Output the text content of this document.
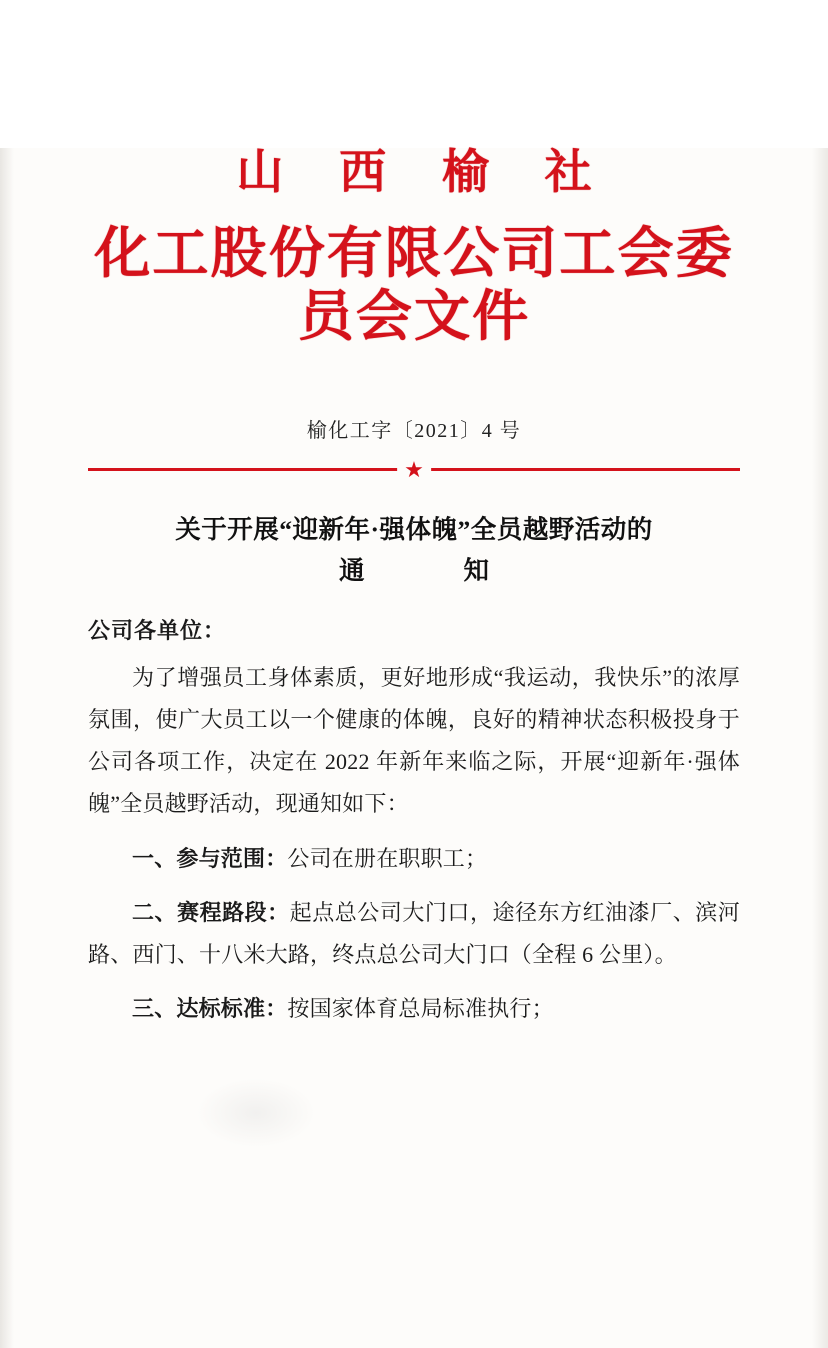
山 西 榆 社
化工股份有限公司工会委员会文件
榆化工字〔2021〕4 号
★
关于开展“迎新年·强体魄”全员越野活动的
通　　知
公司各单位：
为了增强员工身体素质，更好地形成“我运动，我快乐”的浓厚氛围，使广大员工以一个健康的体魄，良好的精神状态积极投身于公司各项工作，决定在 2022 年新年来临之际，开展“迎新年·强体魄”全员越野活动，现通知如下：
一、参与范围：公司在册在职职工；
二、赛程路段：起点总公司大门口，途径东方红油漆厂、滨河路、西门、十八米大路，终点总公司大门口（全程 6 公里）。
三、达标标准：按国家体育总局标准执行；
